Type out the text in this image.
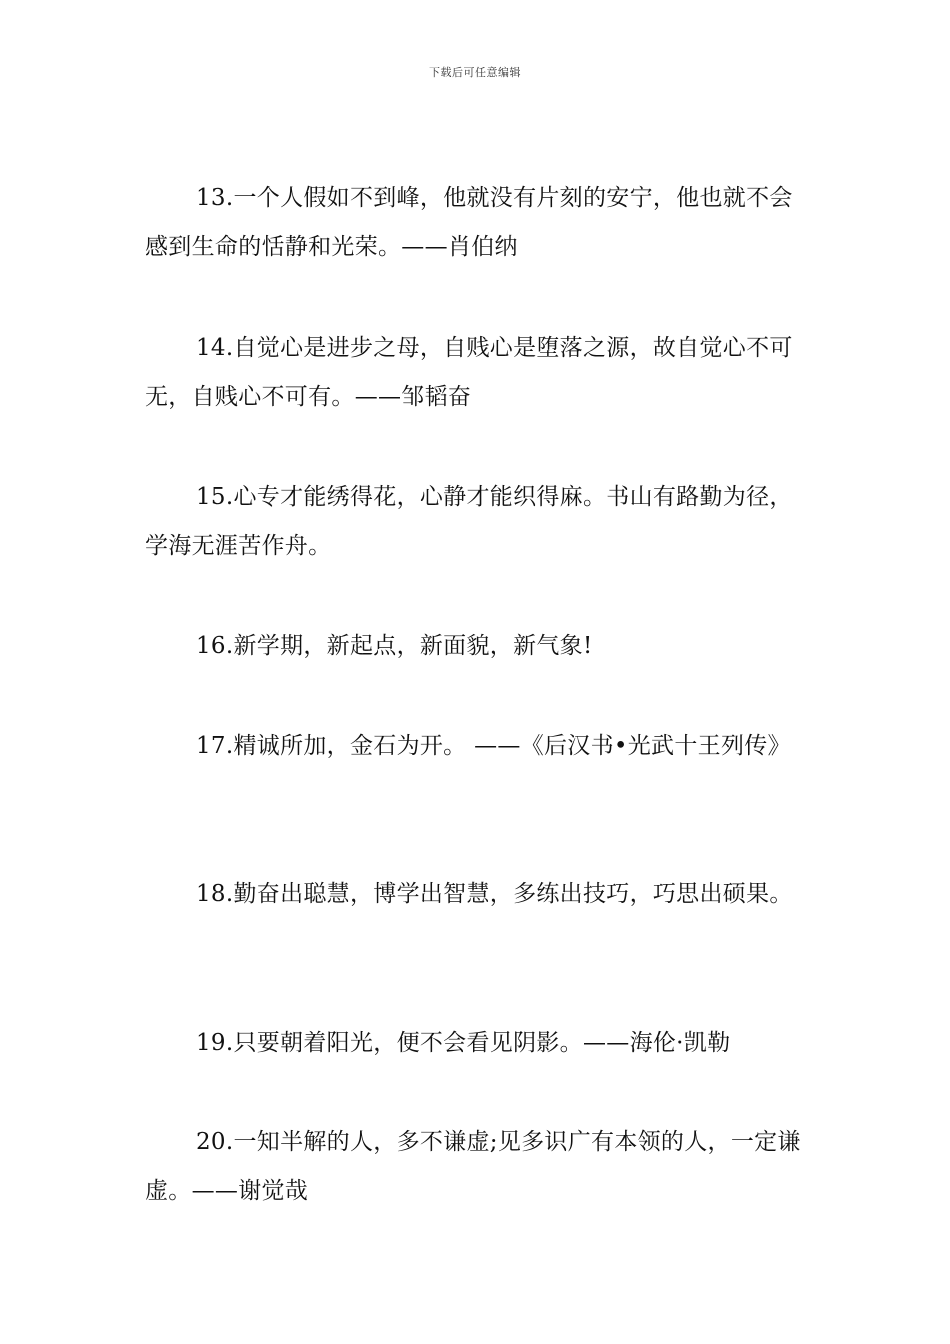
下载后可任意编辑

13.一个人假如不到峰，他就没有片刻的安宁，他也就不会感到生命的恬静和光荣。——肖伯纳

14.自觉心是进步之母，自贱心是堕落之源，故自觉心不可无，自贱心不可有。——邹韬奋

15.心专才能绣得花，心静才能织得麻。书山有路勤为径，学海无涯苦作舟。

16.新学期，新起点，新面貌，新气象!

17.精诚所加，金石为开。 ——《后汉书•光武十王列传》

18.勤奋出聪慧，博学出智慧，多练出技巧，巧思出硕果。

19.只要朝着阳光，便不会看见阴影。——海伦·凯勒

20.一知半解的人，多不谦虚;见多识广有本领的人，一定谦虚。——谢觉哉
